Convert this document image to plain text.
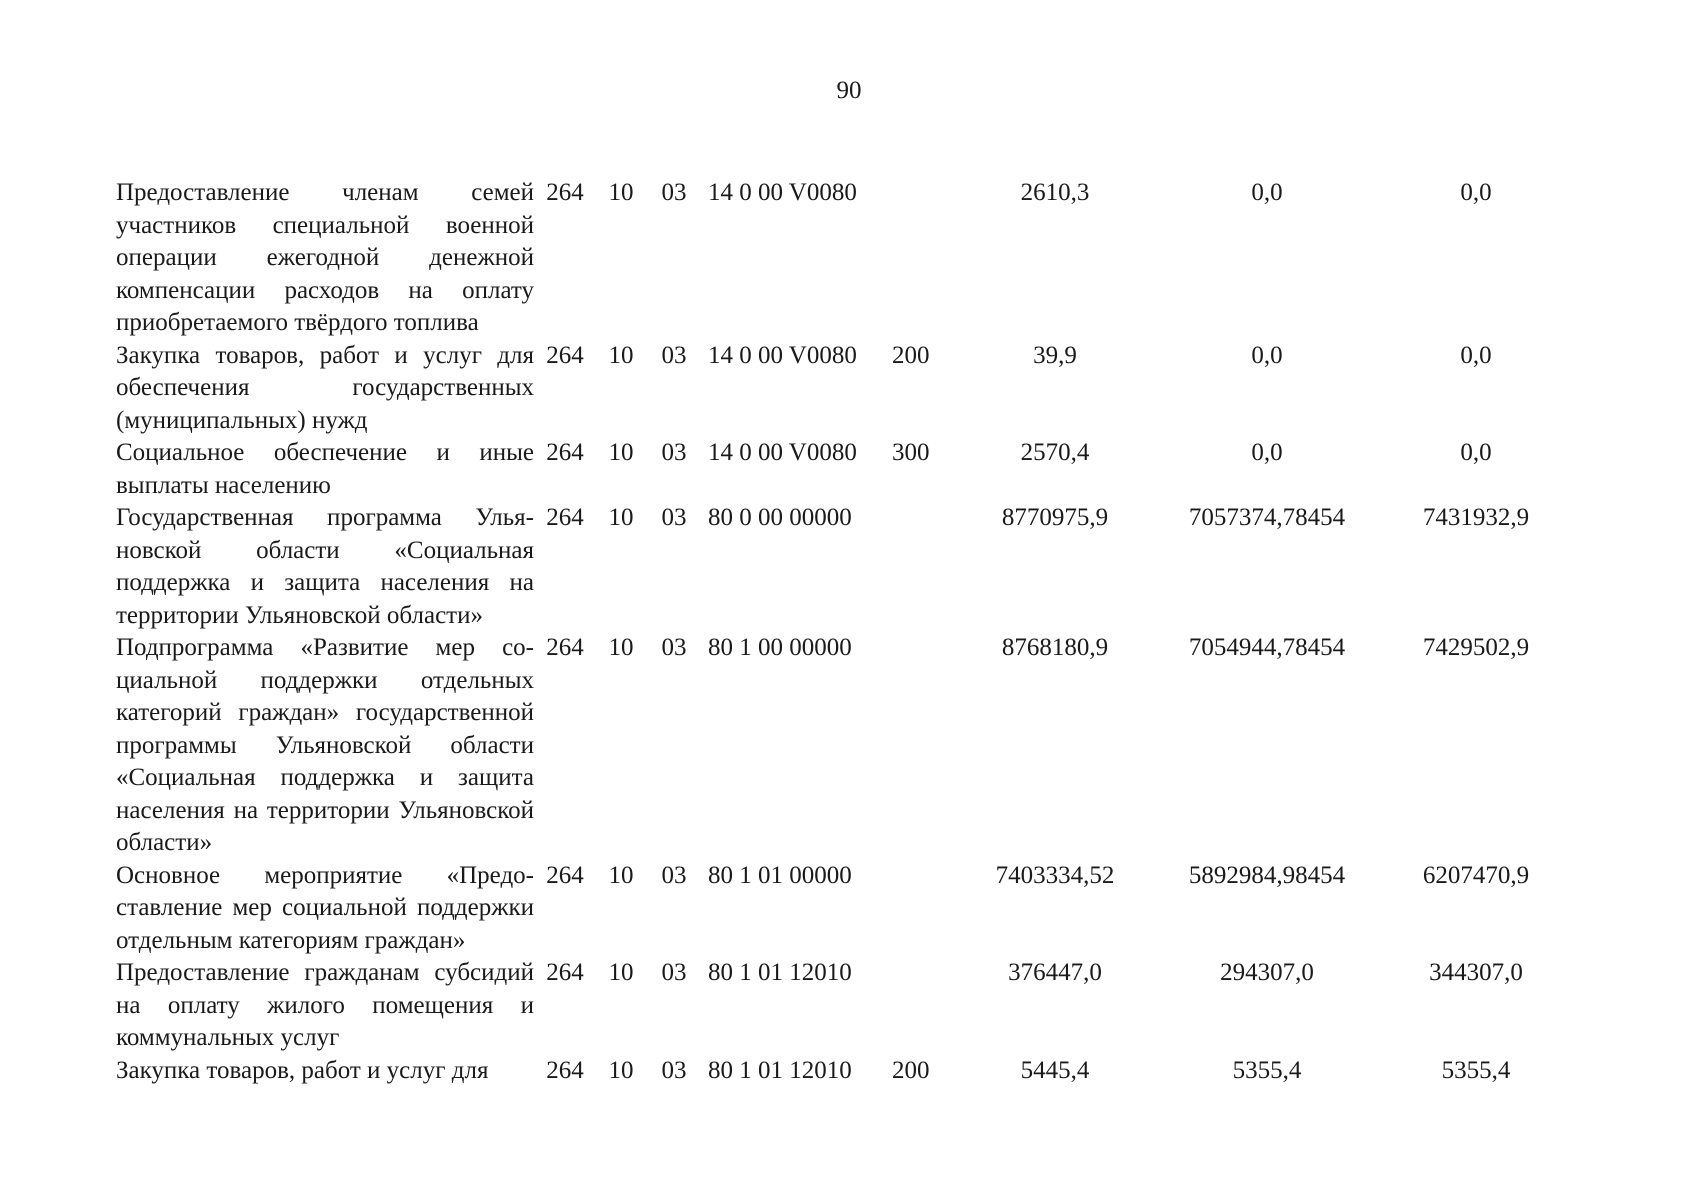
90
Предоставление членам семей участников специальной военной операции ежегодной денежной компенсации расходов на оплату приобретаемого твёрдого топлива	264	10	03	14 0 00 V0080		2610,3	0,0	0,0
Закупка товаров, работ и услуг для обеспечения государственных (муниципальных) нужд	264	10	03	14 0 00 V0080	200	39,9	0,0	0,0
Социальное обеспечение и иные выплаты населению	264	10	03	14 0 00 V0080	300	2570,4	0,0	0,0
Государственная программа Ульяновской области «Социальная поддержка и защита населения на территории Ульяновской области»	264	10	03	80 0 00 00000		8770975,9	7057374,78454	7431932,9
Подпрограмма «Развитие мер социальной поддержки отдельных категорий граждан» государственной программы Ульяновской области «Социальная поддержка и защита населения на территории Ульяновской области»	264	10	03	80 1 00 00000		8768180,9	7054944,78454	7429502,9
Основное мероприятие «Предоставление мер социальной поддержки отдельным категориям граждан»	264	10	03	80 1 01 00000		7403334,52	5892984,98454	6207470,9
Предоставление гражданам субсидий на оплату жилого помещения и коммунальных услуг	264	10	03	80 1 01 12010		376447,0	294307,0	344307,0
Закупка товаров, работ и услуг для	264	10	03	80 1 01 12010	200	5445,4	5355,4	5355,4
